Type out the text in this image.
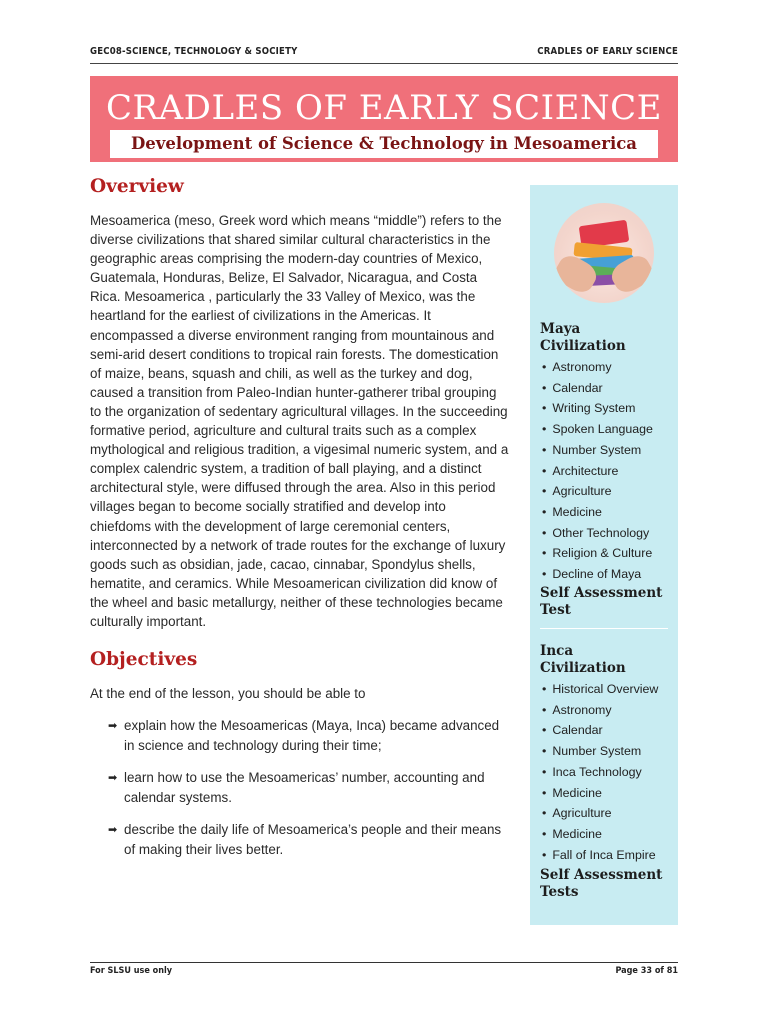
GEC08-SCIENCE, TECHNOLOGY & SOCIETY	CRADLES OF EARLY SCIENCE
CRADLES OF EARLY SCIENCE
Development of Science & Technology in Mesoamerica
Overview

Mesoamerica (meso, Greek word which means “middle”) refers to the diverse civilizations that shared similar cultural characteristics in the geographic areas comprising the modern-day countries of Mexico, Guatemala, Honduras, Belize, El Salvador, Nicaragua, and Costa Rica. Mesoamerica , particularly the 33 Valley of Mexico, was the heartland for the earliest of civilizations in the Americas. It encompassed a diverse environment ranging from mountainous and semi-arid desert conditions to tropical rain forests. The domestication of maize, beans, squash and chili, as well as the turkey and dog, caused a transition from Paleo-Indian hunter-gatherer tribal grouping to the organization of sedentary agricultural villages. In the succeeding formative period, agriculture and cultural traits such as a complex mythological and religious tradition, a vigesimal numeric system, and a complex calendric system, a tradition of ball playing, and a distinct architectural style, were diffused through the area. Also in this period villages began to become socially stratified and develop into chiefdoms with the development of large ceremonial centers, interconnected by a network of trade routes for the exchange of luxury goods such as obsidian, jade, cacao, cinnabar, Spondylus shells, hematite, and ceramics. While Mesoamerican civilization did know of the wheel and basic metallurgy, neither of these technologies became culturally important.

Objectives

At the end of the lesson, you should be able to

➡ explain how the Mesoamericas (Maya, Inca) became advanced in science and technology during their time;
➡ learn how to use the Mesoamericas’ number, accounting and calendar systems.
➡ describe the daily life of Mesoamerica’s people and their means of making their lives better.
Maya Civilization
• Astronomy
• Calendar
• Writing System
• Spoken Language
• Number System
• Architecture
• Agriculture
• Medicine
• Other Technology
• Religion & Culture
• Decline of Maya
Self Assessment Test
Inca Civilization
• Historical Overview
• Astronomy
• Calendar
• Number System
• Inca Technology
• Medicine
• Agriculture
• Medicine
• Fall of Inca Empire
Self Assessment Tests
For SLSU use only	Page 33 of 81
